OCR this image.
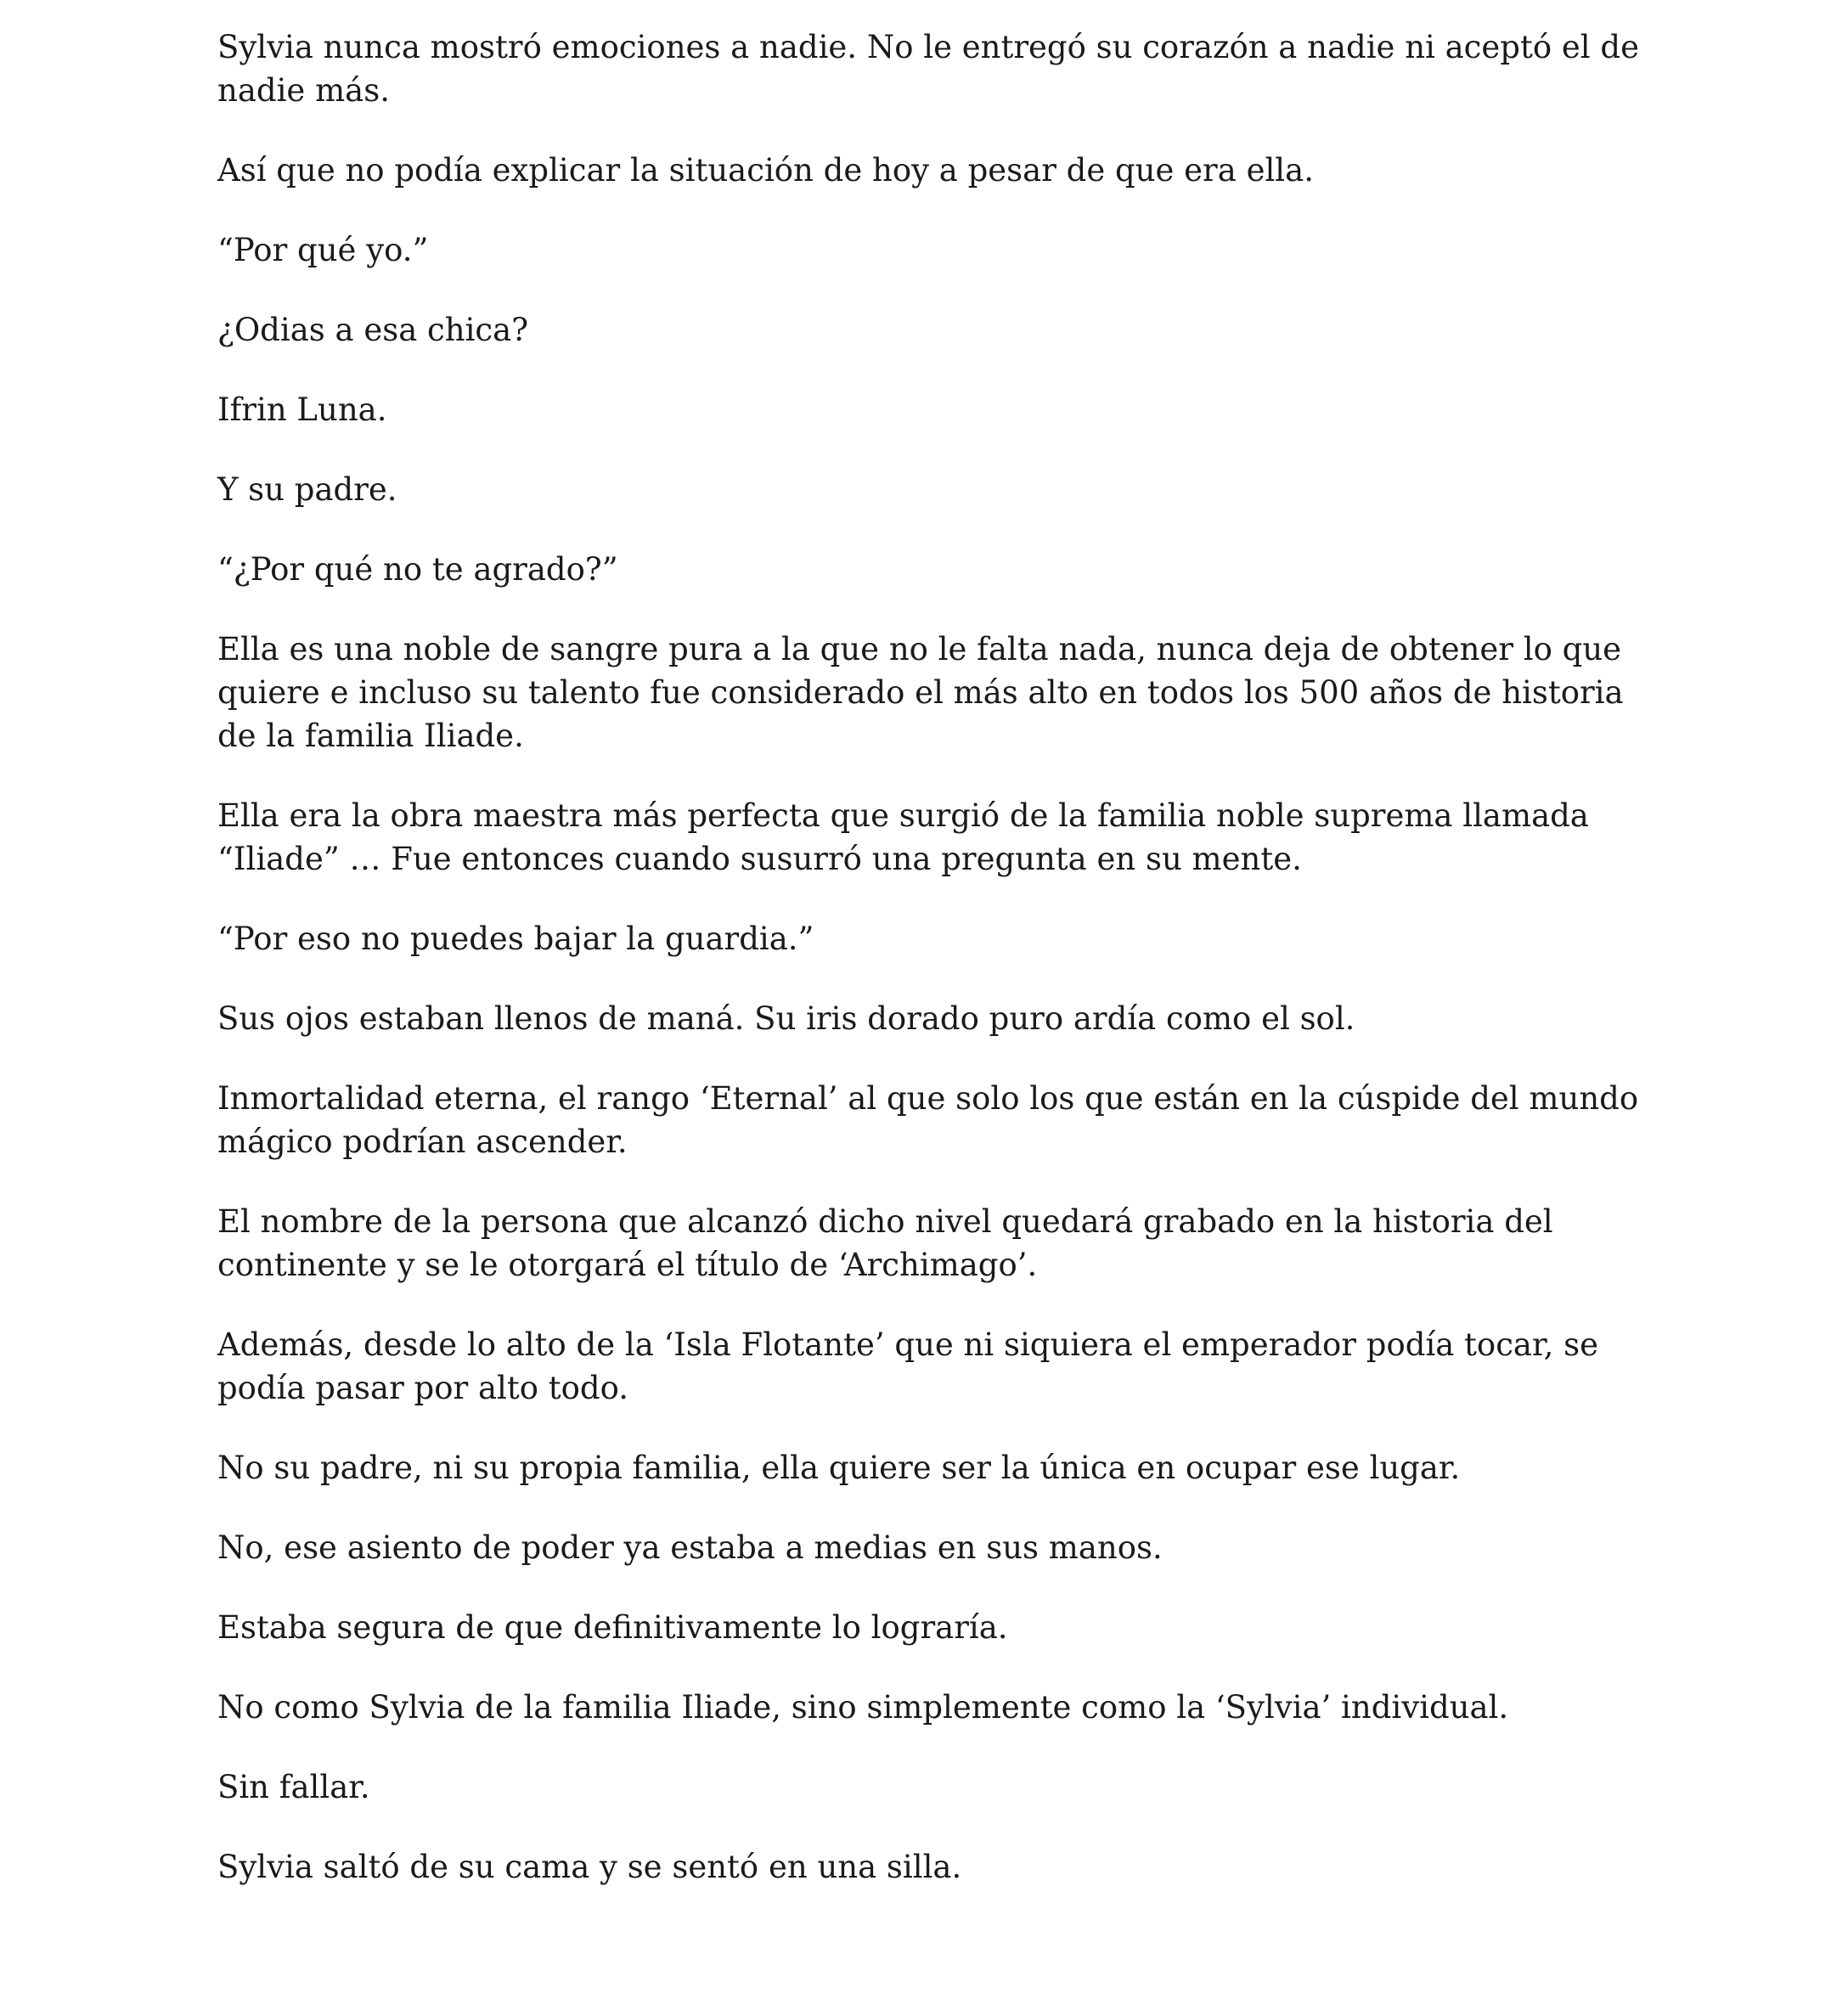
Sylvia nunca mostró emociones a nadie. No le entregó su corazón a nadie ni aceptó el de nadie más.

Así que no podía explicar la situación de hoy a pesar de que era ella.

“Por qué yo.”

¿Odias a esa chica?

Ifrin Luna.

Y su padre.

“¿Por qué no te agrado?”

Ella es una noble de sangre pura a la que no le falta nada, nunca deja de obtener lo que quiere e incluso su talento fue considerado el más alto en todos los 500 años de historia de la familia Iliade.

Ella era la obra maestra más perfecta que surgió de la familia noble suprema llamada “Iliade” … Fue entonces cuando susurró una pregunta en su mente.

“Por eso no puedes bajar la guardia.”

Sus ojos estaban llenos de maná. Su iris dorado puro ardía como el sol.

Inmortalidad eterna, el rango ‘Eternal’ al que solo los que están en la cúspide del mundo mágico podrían ascender.

El nombre de la persona que alcanzó dicho nivel quedará grabado en la historia del continente y se le otorgará el título de ‘Archimago’.

Además, desde lo alto de la ‘Isla Flotante’ que ni siquiera el emperador podía tocar, se podía pasar por alto todo.

No su padre, ni su propia familia, ella quiere ser la única en ocupar ese lugar.

No, ese asiento de poder ya estaba a medias en sus manos.

Estaba segura de que definitivamente lo lograría.

No como Sylvia de la familia Iliade, sino simplemente como la ‘Sylvia’ individual.

Sin fallar.

Sylvia saltó de su cama y se sentó en una silla.
